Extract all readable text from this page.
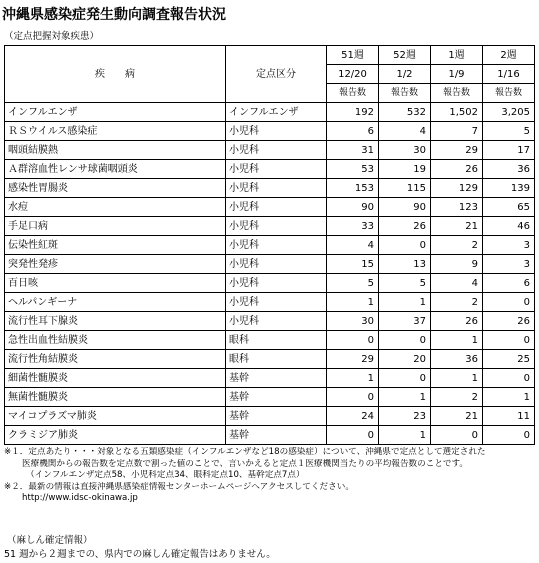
沖縄県感染症発生動向調査報告状況
（定点把握対象疾患）
疾　　病	定点区分	51週	52週	1週	2週
		12/20	1/2	1/9	1/16
		報告数	報告数	報告数	報告数
インフルエンザ	インフルエンザ	192	532	1,502	3,205
ＲＳウイルス感染症	小児科	6	4	7	5
咽頭結膜熱	小児科	31	30	29	17
Ａ群溶血性レンサ球菌咽頭炎	小児科	53	19	26	36
感染性胃腸炎	小児科	153	115	129	139
水痘	小児科	90	90	123	65
手足口病	小児科	33	26	21	46
伝染性紅斑	小児科	4	0	2	3
突発性発疹	小児科	15	13	9	3
百日咳	小児科	5	5	4	6
ヘルパンギーナ	小児科	1	1	2	0
流行性耳下腺炎	小児科	30	37	26	26
急性出血性結膜炎	眼科	0	0	1	0
流行性角結膜炎	眼科	29	20	36	25
細菌性髄膜炎	基幹	1	0	1	0
無菌性髄膜炎	基幹	0	1	2	1
マイコプラズマ肺炎	基幹	24	23	21	11
クラミジア肺炎	基幹	0	1	0	0
※１．定点あたり・・・対象となる五類感染症（インフルエンザなど18の感染症）について、沖縄県で定点として選定された
医療機関からの報告数を定点数で割った値のことで、言いかえると定点１医療機関当たりの平均報告数のことです。
（インフルエンザ定点58、小児科定点34、眼科定点10、基幹定点7点）
※２．最新の情報は直接沖縄県感染症情報センターホームページへアクセスしてください。
http://www.idsc-okinawa.jp
（麻しん確定情報）
51 週から２週までの、県内での麻しん確定報告はありません。
